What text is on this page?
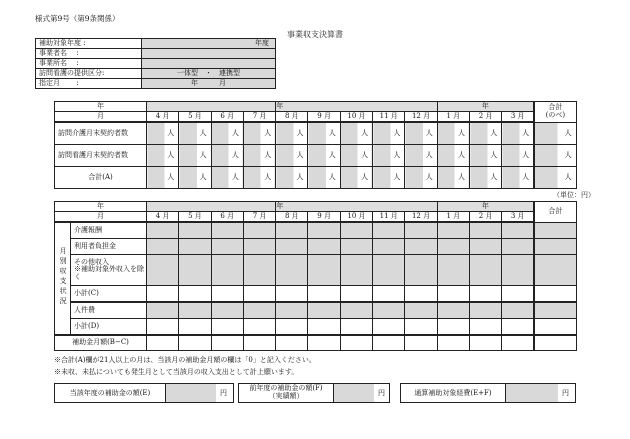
様式第9号（第9条関係）
事業収支決算書
補助対象年度 :	年度
事業者名　 :	
事業所名　 :	
訪問看護の提供区分:	一体型　・　連携型
指定月　　 :	年　　　月
年					年					年			合計
(のべ)

月	4 月	5 月	6 月	7 月	8 月	9 月	10 月	11 月	12 月	1 月	2 月	3 月	
訪問介護月末契約者数	人	人	人	人	人	人	人	人	人	人	人	人	人
訪問看護月末契約者数	人	人	人	人	人	人	人	人	人	人	人	人	人
合計(A)	人	人	人	人	人	人	人	人	人	人	人	人	人
（単位：円）
年						年					年			合計

月		4 月	5 月	6 月	7 月	8 月	9 月	10 月	11 月	12 月	1 月	2 月	3 月	
月別収支状況	介護報酬													
	利用者負担金													
	その他収入
※補助対象外収入を除く													
	小計(C)													
	人件費													
	小計(D)													
補助金月額(B−C)														
※合計(A)欄が21人以上の月は、当該月の補助金月額の欄は「0」と記入ください。
※未収、未払についても発生月として当該月の収入支出として計上願います。
当該年度の補助金の額(E)	円
前年度の補助金の額(F)
（実績額）	円	通算補助対象経費(E+F)	円
